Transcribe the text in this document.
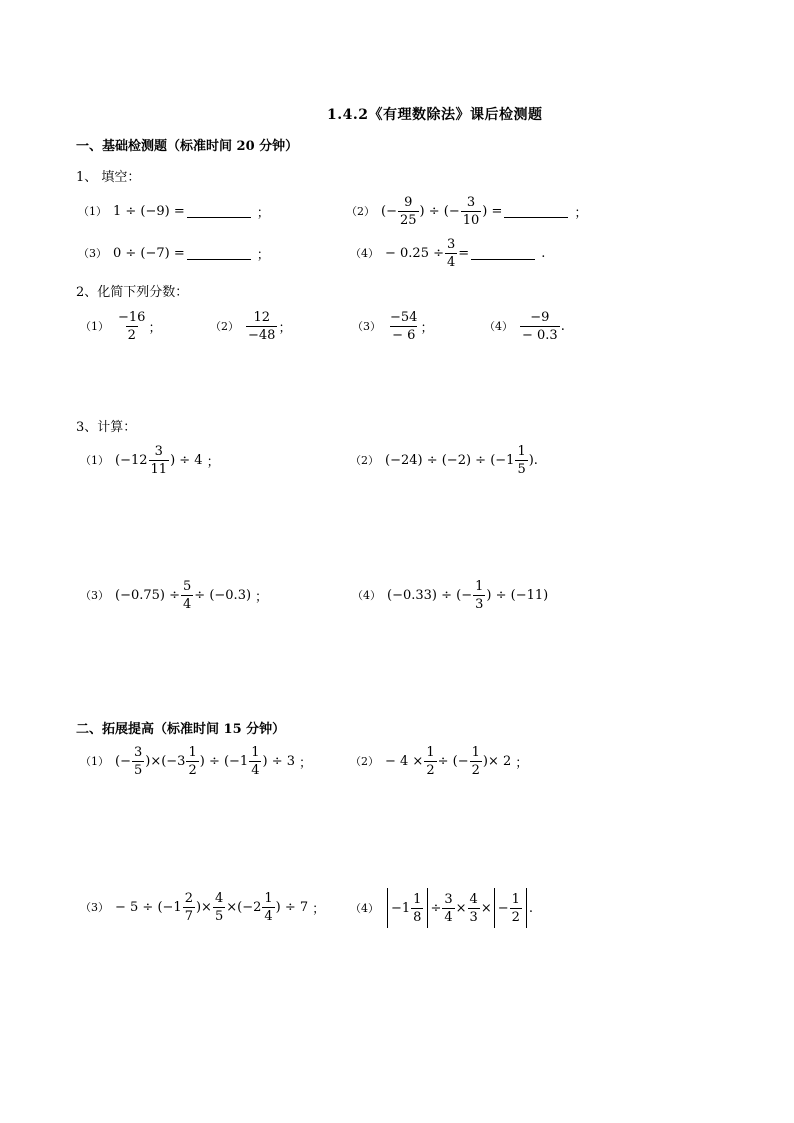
1.4.2《有理数除法》课后检测题
一、基础检测题（标准时间 20 分钟）
1、 填空：
（1） 1 ÷ (−9) =	；	（2） (− $\frac{9}{25}$ ) ÷ (− $\frac{3}{10}$ ) =	；
（3） 0 ÷ (−7) =	；	$(4) - 0.25 \div \frac{3}{4}$ =	.
2、化简下列分数：
$(1) \frac{-16}{2}$ ；	$(2) \frac{12}{-48}$ ；	$(3) \frac{-54}{- 6}$ ；	$(4) \frac{-9}{- 0.3}$ .
3、计算：
（1） ($-12 \frac{3}{11}$ ) ÷ 4 ；	（2） $(-24) \div (-2) \div (-1 \frac{1}{5}$ ) .
（3） $(-0.75) \div \frac{5}{4} \div (-0.3)$ ；	（4） (−0.33) ÷ (− $\frac{1}{3}$ ) ÷ (−11)
二、拓展提高（标准时间 15 分钟）
（1） (− $\frac{3}{5} )\times(-3 \frac{1}{2}$ ) ÷ ($-1 \frac{1}{4}$ ) ÷ 3 ；	$(2) - 4 \times \frac{1}{2}$ ÷ (− $\frac{1}{2}$ )× 2 ；
$(3) - 5 \div (-1 \frac{2}{7}$ )× $\frac{4}{5} \times(-2 \frac{1}{4}$ ) ÷ 7 ； $(4) -1 \frac{1}{8} \div \frac{3}{4} \times \frac{4}{3}$ × − $\frac{1}{2}$ .
